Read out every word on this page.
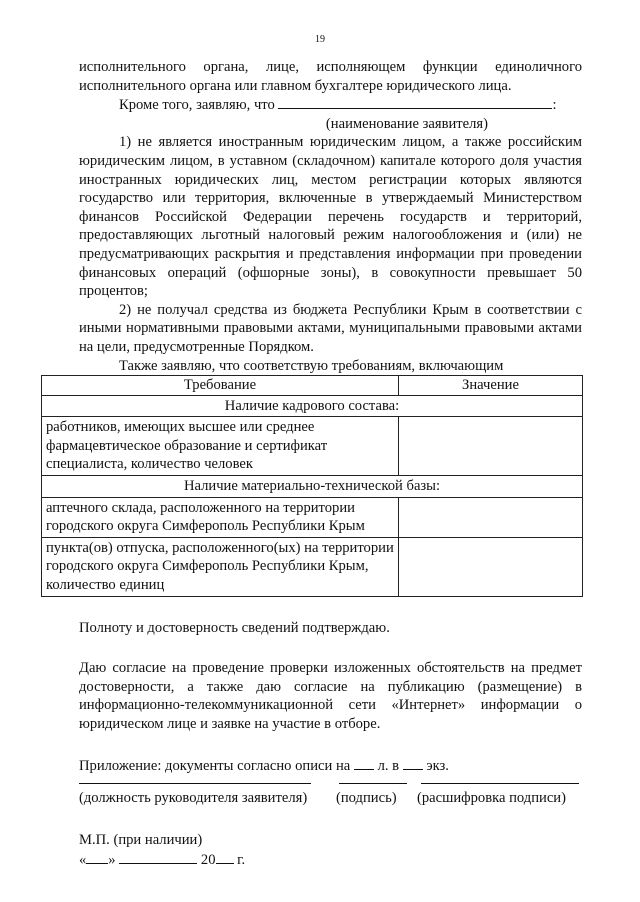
19

исполнительного органа, лице, исполняющем функции единоличного исполнительного органа или главном бухгалтере юридического лица.

Кроме того, заявляю, что	:

(наименование заявителя)

1) не является иностранным юридическим лицом, а также российским юридическим лицом, в уставном (складочном) капитале которого доля участия иностранных юридических лиц, местом регистрации которых являются государство или территория, включенные в утверждаемый Министерством финансов Российской Федерации перечень государств и территорий, предоставляющих льготный налоговый режим налогообложения и (или) не предусматривающих раскрытия и представления информации при проведении финансовых операций (офшорные зоны), в совокупности превышает 50 процентов;

2) не получал средства из бюджета Республики Крым в соответствии с иными нормативными правовыми актами, муниципальными правовыми актами на цели, предусмотренные Порядком.

Также заявляю, что соответствую требованиям, включающим

Требование	Значение
Наличие кадрового состава:	
работников, имеющих высшее или среднее фармацевтическое образование и сертификат специалиста, количество человек	
Наличие материально-технической базы:	
аптечного склада, расположенного на территории городского округа Симферополь Республики Крым	
пункта(ов) отпуска, расположенного(ых) на территории городского округа Симферополь Республики Крым, количество единиц	

Полноту и достоверность сведений подтверждаю.

Даю согласие на проведение проверки изложенных обстоятельств на предмет достоверности, а также даю согласие на публикацию (размещение) в информационно-телекоммуникационной сети «Интернет» информации о юридическом лице и заявке на участие в отборе.

Приложение: документы согласно описи на л. в экз.

(должность руководителя заявителя) (подпись) (расшифровка подписи)

М.П. (при наличии)

« »	20 г.
